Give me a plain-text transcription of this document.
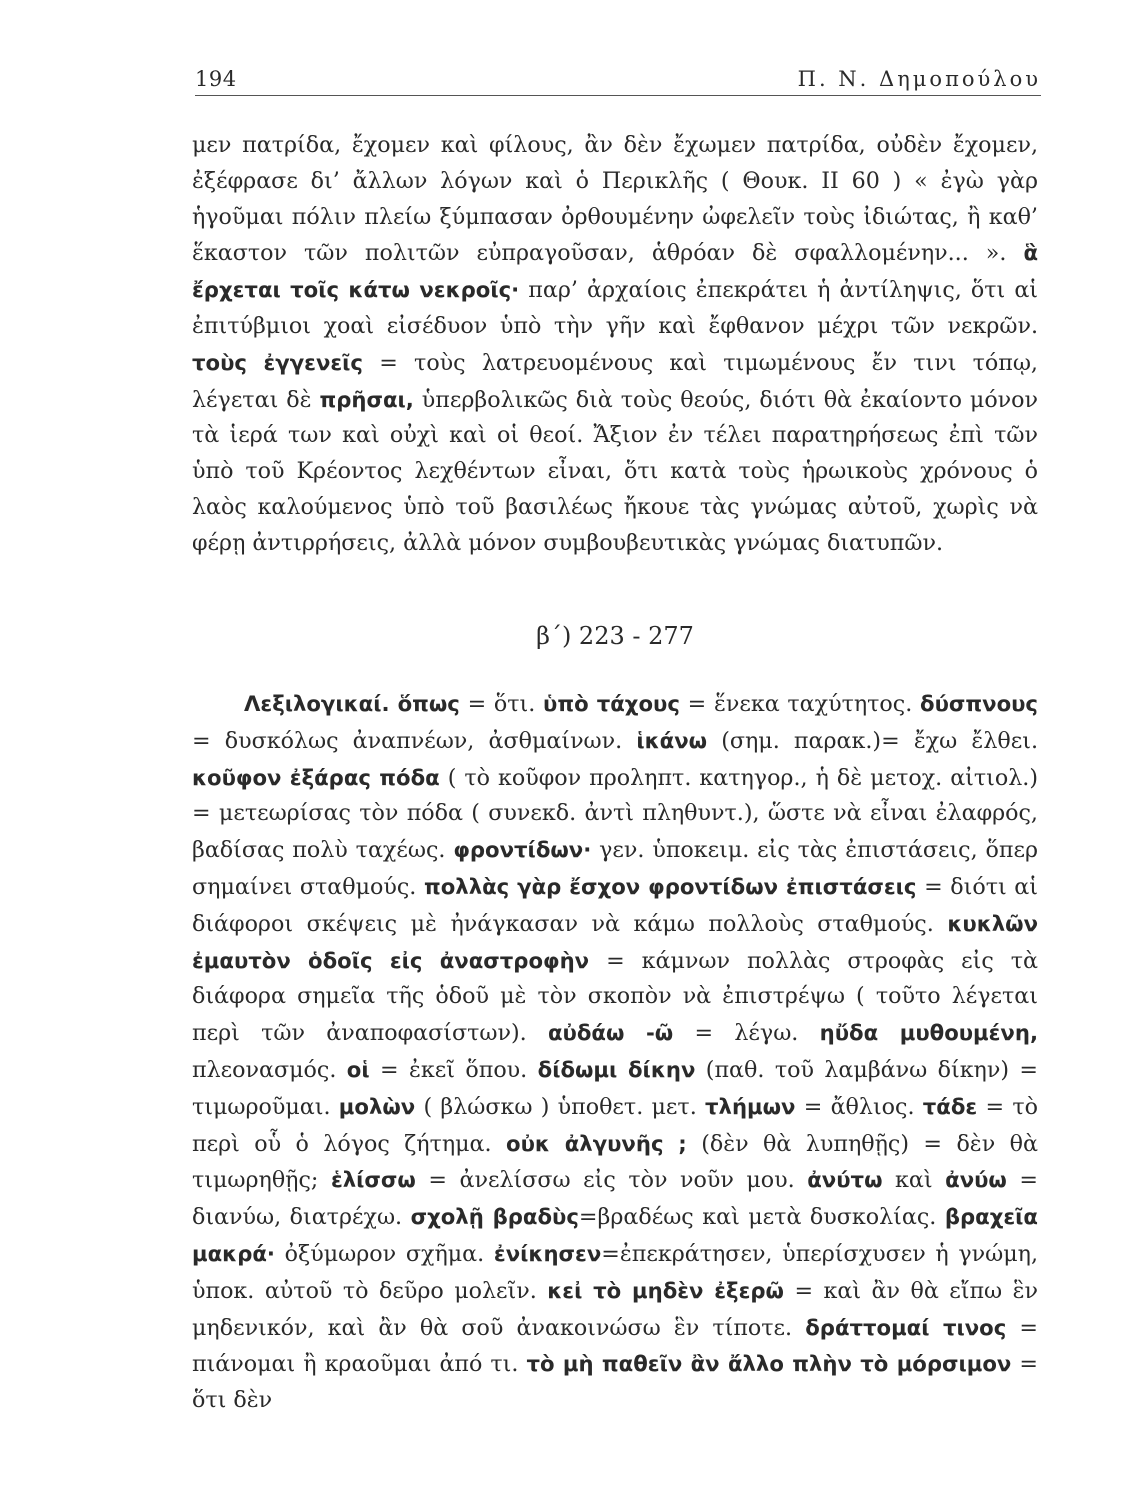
194	Π. Ν. Δημοπούλου
μεν πατρίδα, ἔχομεν καὶ φίλους, ἂν δὲν ἔχωμεν πατρίδα, οὐδὲν ἔχομεν, ἐξέφρασε δι’ ἄλλων λόγων καὶ ὁ Περικλῆς ( Θουκ. ΙΙ 60 ) « ἐγὼ γὰρ ἡγοῦμαι πόλιν πλείω ξύμπασαν ὀρθουμένην ὠφελεῖν τοὺς ἰδιώτας, ἢ καθ’ ἕκαστον τῶν πολιτῶν εὐπραγοῦσαν, ἁθρόαν δὲ σφαλλομένην... ». ἃ ἔρχεται τοῖς κάτω νεκροῖς· παρ’ ἀρχαίοις ἐπεκράτει ἡ ἀντίληψις, ὅτι αἱ ἐπιτύβμιοι χοαὶ εἰσέδυον ὑπὸ τὴν γῆν καὶ ἔφθανον μέχρι τῶν νεκρῶν. τοὺς ἐγγενεῖς = τοὺς λατρευομένους καὶ τιμωμένους ἔν τινι τόπῳ, λέγεται δὲ πρῆσαι, ὑπερβολικῶς διὰ τοὺς θεούς, διότι θὰ ἐκαίοντο μόνον τὰ ἱερά των καὶ οὐχὶ καὶ οἱ θεοί. Ἄξιον ἐν τέλει παρατηρήσεως ἐπὶ τῶν ὑπὸ τοῦ Κρέοντος λεχθέντων εἶναι, ὅτι κατὰ τοὺς ἡρωικοὺς χρόνους ὁ λαὸς καλούμενος ὑπὸ τοῦ βασιλέως ἤκουε τὰς γνώμας αὐτοῦ, χωρὶς νὰ φέρῃ ἀντιρρήσεις, ἀλλὰ μόνον συμβουβευτικὰς γνώμας διατυπῶν.
β΄) 223 - 277
Λεξιλογικαί. ὅπως = ὅτι. ὑπὸ τάχους = ἕνεκα ταχύτητος. δύσπνους = δυσκόλως ἀναπνέων, ἀσθμαίνων. ἱκάνω (σημ. παρακ.)= ἔχω ἔλθει. κοῦφον ἐξάρας πόδα ( τὸ κοῦφον προληπτ. κατηγορ., ἡ δὲ μετοχ. αἰτιολ.) = μετεωρίσας τὸν πόδα ( συνεκδ. ἀντὶ πληθυντ.), ὥστε νὰ εἶναι ἐλαφρός, βαδίσας πολὺ ταχέως. φροντίδων· γεν. ὑποκειμ. εἰς τὰς ἐπιστάσεις, ὅπερ σημαίνει σταθμούς. πολλὰς γὰρ ἔσχον φροντίδων ἐπιστάσεις = διότι αἱ διάφοροι σκέψεις μὲ ἠνάγκασαν νὰ κάμω πολλοὺς σταθμούς. κυκλῶν ἐμαυτὸν ὁδοῖς εἰς ἀναστροφὴν = κάμνων πολλὰς στροφὰς εἰς τὰ διάφορα σημεῖα τῆς ὁδοῦ μὲ τὸν σκοπὸν νὰ ἐπιστρέψω ( τοῦτο λέγεται περὶ τῶν ἀναποφασίστων). αὐδάω -ῶ = λέγω. ηὔδα μυθουμένη, πλεονασμός. οἱ = ἐκεῖ ὅπου. δίδωμι δίκην (παθ. τοῦ λαμβάνω δίκην) = τιμωροῦμαι. μολὼν ( βλώσκω ) ὑποθετ. μετ. τλήμων = ἄθλιος. τάδε = τὸ περὶ οὗ ὁ λόγος ζήτημα. οὐκ ἀλγυνῆς ; (δὲν θὰ λυπηθῇς) = δὲν θὰ τιμωρηθῇς; ἑλίσσω = ἀνελίσσω εἰς τὸν νοῦν μου. ἀνύτω καὶ ἀνύω = διανύω, διατρέχω. σχολῇ βραδὺς=βραδέως καὶ μετὰ δυσκολίας. βραχεῖα μακρά· ὀξύμωρον σχῆμα. ἐνίκησεν=ἐπεκράτησεν, ὑπερίσχυσεν ἡ γνώμη, ὑποκ. αὐτοῦ τὸ δεῦρο μολεῖν. κεἰ τὸ μηδὲν ἐξερῶ = καὶ ἂν θὰ εἴπω ἓν μηδενικόν, καὶ ἂν θὰ σοῦ ἀνακοινώσω ἓν τίποτε. δράττομαί τινος = πιάνομαι ἢ κραοῦμαι ἀπό τι. τὸ μὴ παθεῖν ἂν ἄλλο πλὴν τὸ μόρσιμον = ὅτι δὲν
